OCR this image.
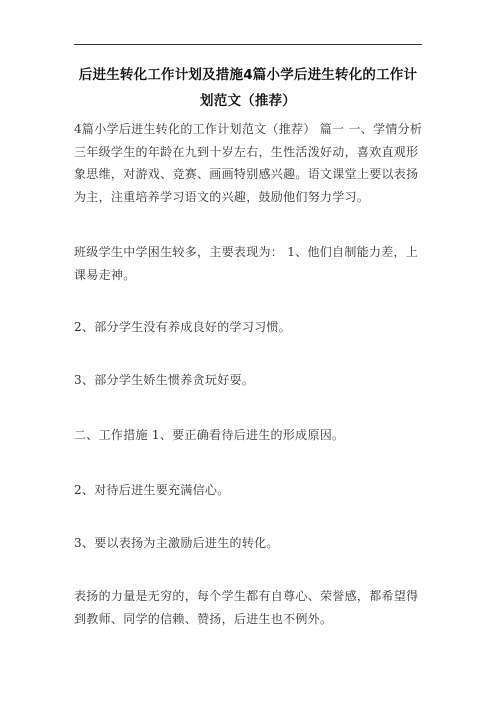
后进生转化工作计划及措施4篇小学后进生转化的工作计划范文（推荐）
4篇小学后进生转化的工作计划范文（推荐） 篇一 一、学情分析 三年级学生的年龄在九到十岁左右，生性活泼好动，喜欢直观形象思维，对游戏、竞赛、画画特别感兴趣。语文课堂上要以表扬为主，注重培养学习语文的兴趣，鼓励他们努力学习。
班级学生中学困生较多，主要表现为： 1、他们自制能力差，上课易走神。
2、部分学生没有养成良好的学习习惯。
3、部分学生娇生惯养贪玩好耍。
二、工作措施 1、要正确看待后进生的形成原因。
2、对待后进生要充满信心。
3、要以表扬为主激励后进生的转化。
表扬的力量是无穷的，每个学生都有自尊心、荣誉感，都希望得到教师、同学的信赖、赞扬，后进生也不例外。
